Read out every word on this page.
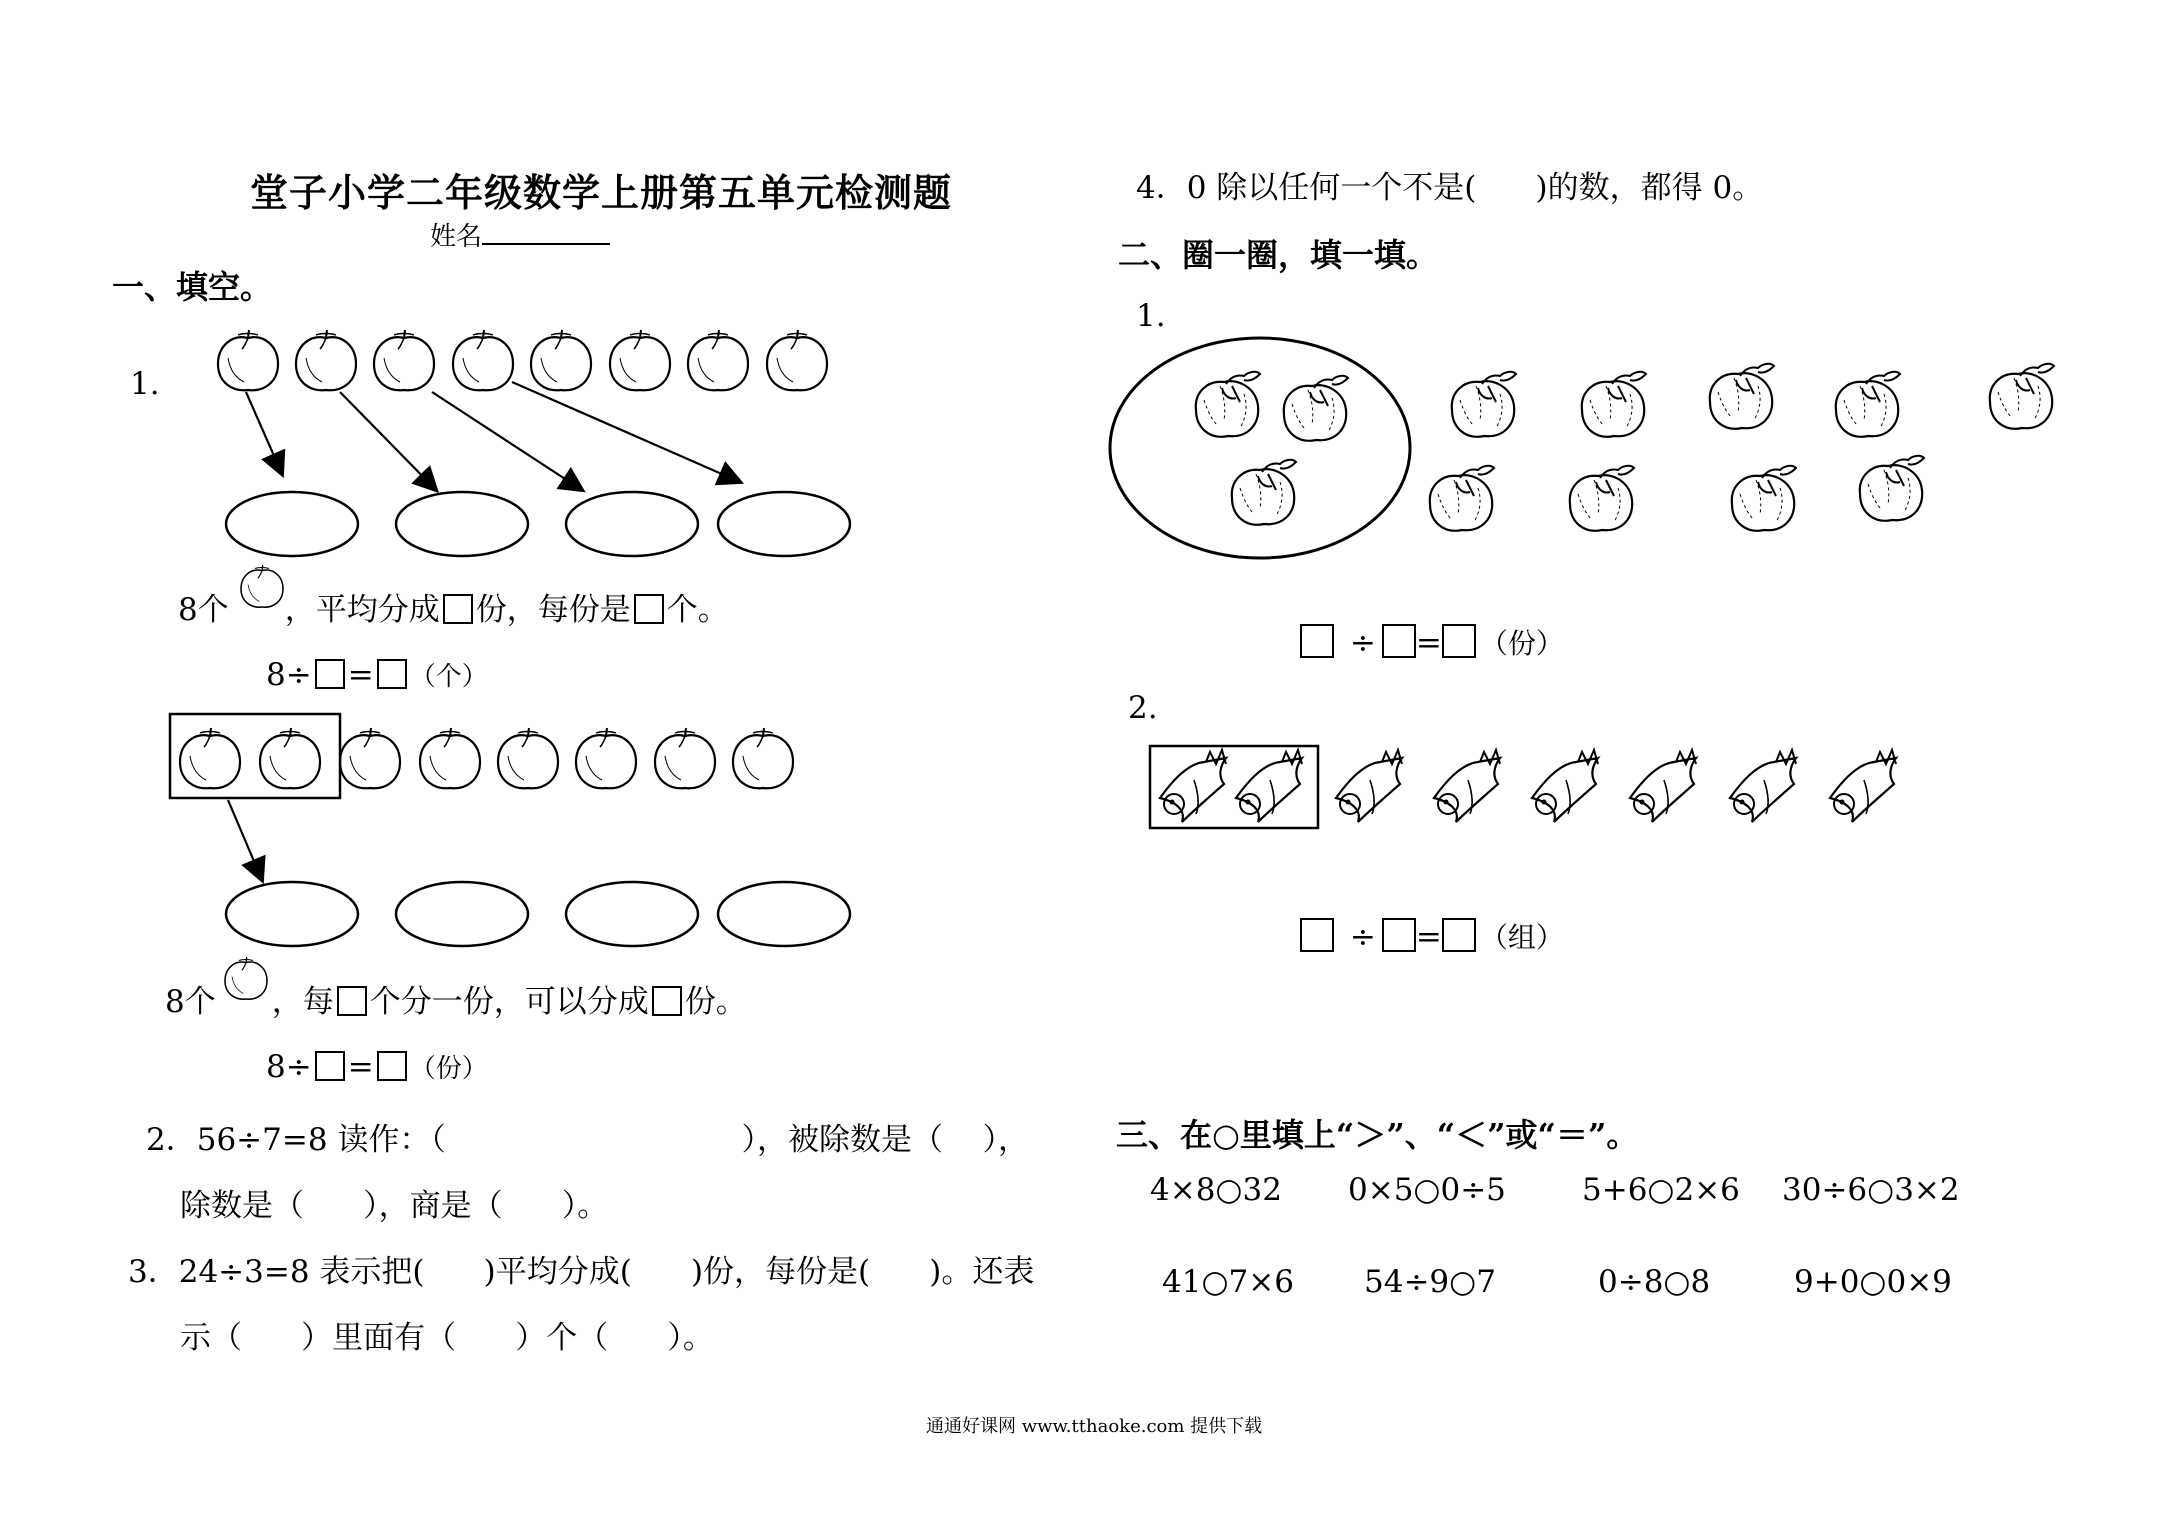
堂子小学二年级数学上册第五单元检测题
姓名
一、填空。
1.
8个 ，平均分成 份，每份是 个。
8÷ = （个）
8个 ，每 个分一份，可以分成 份。
8÷ = （份）
2．56÷7=8 读作：（                              ），被除数是（    ），
除数是（      ），商是（      ）。
3．24÷3=8 表示把(      )平均分成(      )份，每份是(      )。还表
示（      ）里面有（      ）个（      ）。
4．0 除以任何一个不是(      )的数，都得 0。
二、圈一圈，填一填。
1.
÷ = （份）
2.
÷ = （组）
三、在○里填上“＞”、“＜”或“＝”。
4×8○32 0×5○0÷5 5+6○2×6 30÷6○3×2
41○7×6 54÷9○7	0÷8○8	9+0○0×9
通通好课网 www.tthaoke.com 提供下载
